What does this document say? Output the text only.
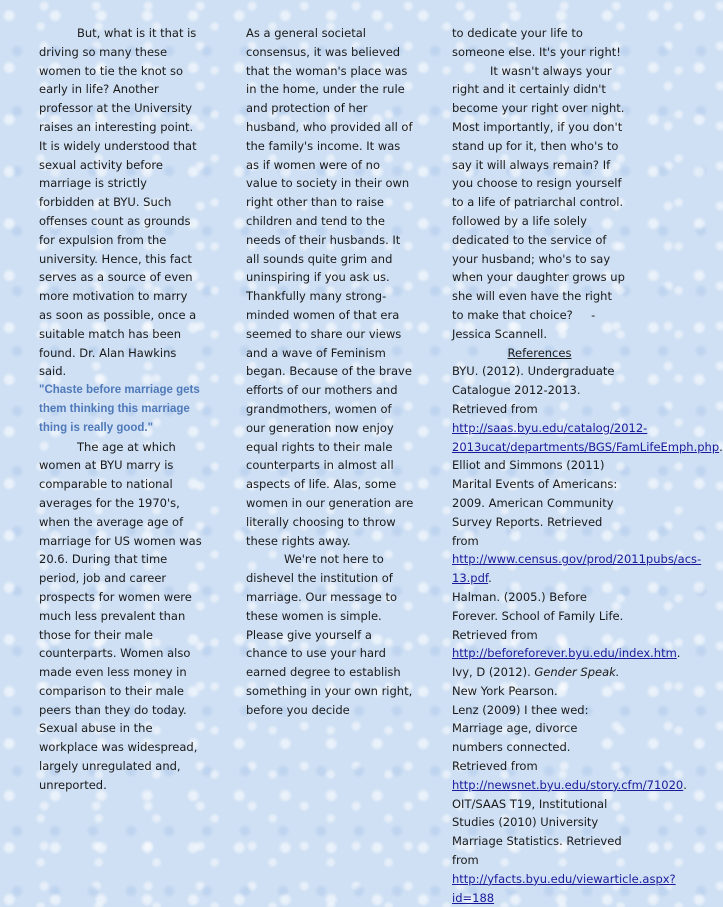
But, what is it that is driving so many these women to tie the knot so early in life? Another professor at the University raises an interesting point. It is widely understood that sexual activity before marriage is strictly forbidden at BYU. Such offenses count as grounds for expulsion from the university. Hence, this fact serves as a source of even more motivation to marry as soon as possible, once a suitable match has been found. Dr. Alan Hawkins said.

"Chaste before marriage gets them thinking this marriage thing is really good."

The age at which women at BYU marry is comparable to national averages for the 1970's, when the average age of marriage for US women was 20.6. During that time period, job and career prospects for women were much less prevalent than those for their male counterparts. Women also made even less money in comparison to their male peers than they do today. Sexual abuse in the workplace was widespread, largely unregulated and, unreported.

As a general societal consensus, it was believed that the woman's place was in the home, under the rule and protection of her husband, who provided all of the family's income. It was as if women were of no value to society in their own right other than to raise children and tend to the needs of their husbands. It all sounds quite grim and uninspiring if you ask us. Thankfully many strong-minded women of that era seemed to share our views and a wave of Feminism began. Because of the brave efforts of our mothers and grandmothers, women of our generation now enjoy equal rights to their male counterparts in almost all aspects of life. Alas, some women in our generation are literally choosing to throw these rights away.

We're not here to dishevel the institution of marriage. Our message to these women is simple. Please give yourself a chance to use your hard earned degree to establish something in your own right, before you decide

to dedicate your life to someone else. It's your right!

It wasn't always your right and it certainly didn't become your right over night. Most importantly, if you don't stand up for it, then who's to say it will always remain? If you choose to resign yourself to a life of patriarchal control. followed by a life solely dedicated to the service of your husband; who's to say when your daughter grows up she will even have the right to make that choice? - Jessica Scannell.

References

BYU. (2012). Undergraduate Catalogue 2012-2013. Retrieved from http://saas.byu.edu/catalog/2012-2013ucat/departments/BGS/FamLifeEmph.php.

Elliot and Simmons (2011) Marital Events of Americans: 2009. American Community Survey Reports. Retrieved from http://www.census.gov/prod/2011pubs/acs-13.pdf.

Halman. (2005.) Before Forever. School of Family Life. Retrieved from http://beforeforever.byu.edu/index.htm.

Ivy, D (2012). Gender Speak. New York Pearson.

Lenz (2009) I thee wed: Marriage age, divorce numbers connected. Retrieved from http://newsnet.byu.edu/story.cfm/71020.

OIT/SAAS T19, Institutional Studies (2010) University Marriage Statistics. Retrieved from http://yfacts.byu.edu/viewarticle.aspx?id=188
